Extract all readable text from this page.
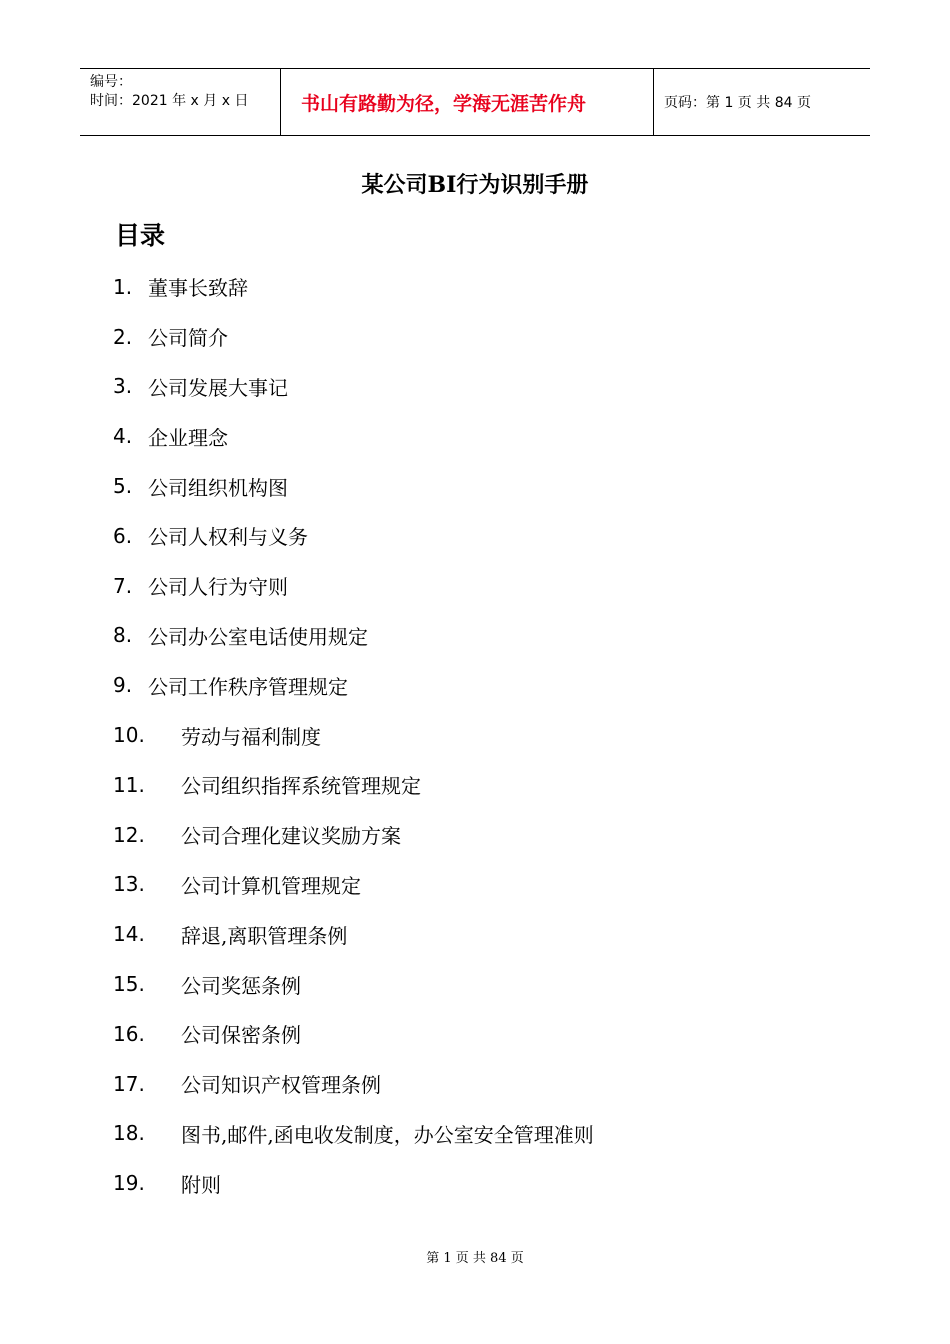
编号：
时间：2021 年 x 月 x 日	书山有路勤为径，学海无涯苦作舟	页码：第 1 页 共 84 页
某公司BI行为识别手册
目录
1. 董事长致辞
2. 公司简介
3. 公司发展大事记
4. 企业理念
5. 公司组织机构图
6. 公司人权利与义务
7. 公司人行为守则
8. 公司办公室电话使用规定
9. 公司工作秩序管理规定
10.	劳动与福利制度
11.	公司组织指挥系统管理规定
12.	公司合理化建议奖励方案
13.	公司计算机管理规定
14.	辞退,离职管理条例
15.	公司奖惩条例
16.	公司保密条例
17.	公司知识产权管理条例
18.	图书,邮件,函电收发制度，办公室安全管理准则
19.	附则
第 1 页 共 84 页
